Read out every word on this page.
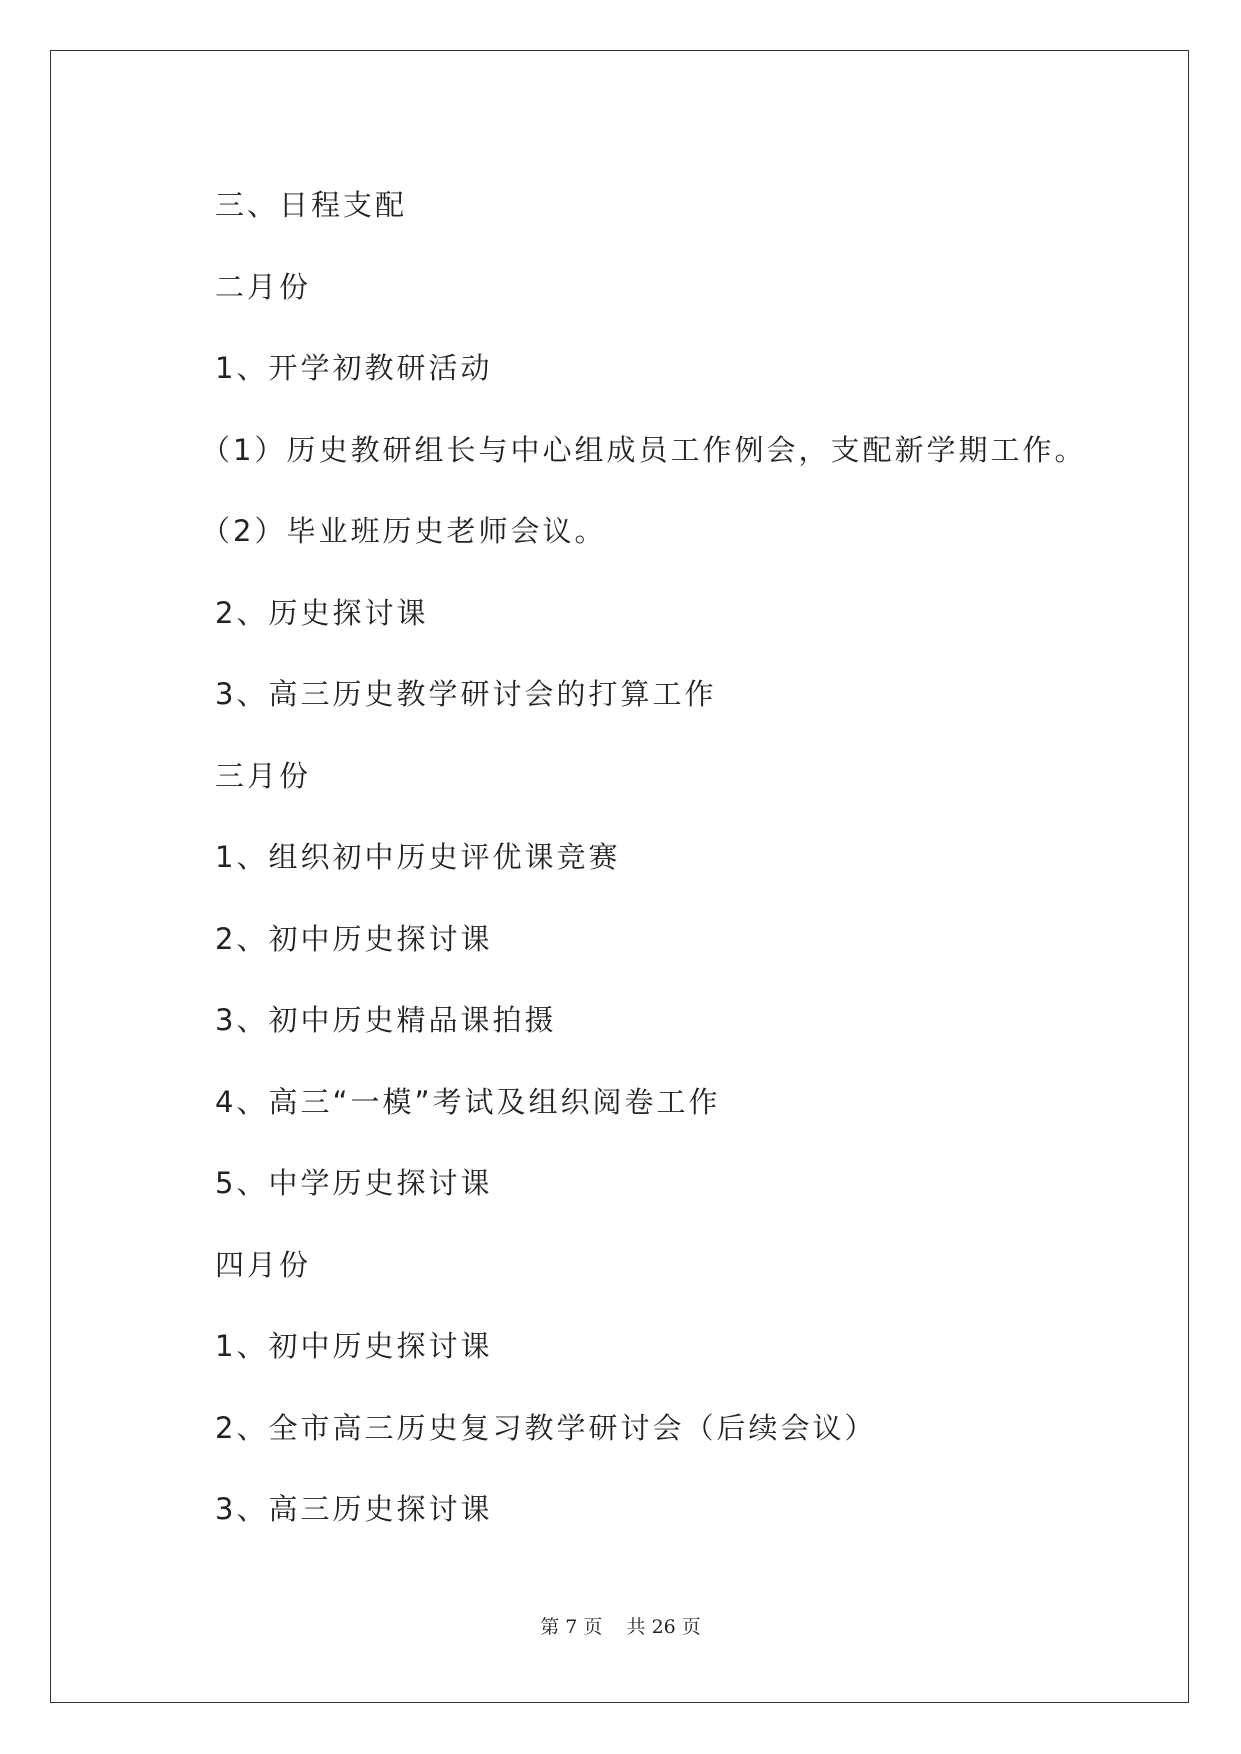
三、日程支配

二月份

1、开学初教研活动

（1）历史教研组长与中心组成员工作例会，支配新学期工作。

（2）毕业班历史老师会议。

2、历史探讨课

3、高三历史教学研讨会的打算工作

三月份

1、组织初中历史评优课竞赛

2、初中历史探讨课

3、初中历史精品课拍摄

4、高三“一模”考试及组织阅卷工作

5、中学历史探讨课

四月份

1、初中历史探讨课

2、全市高三历史复习教学研讨会（后续会议）

3、高三历史探讨课

第 7 页    共 26 页
